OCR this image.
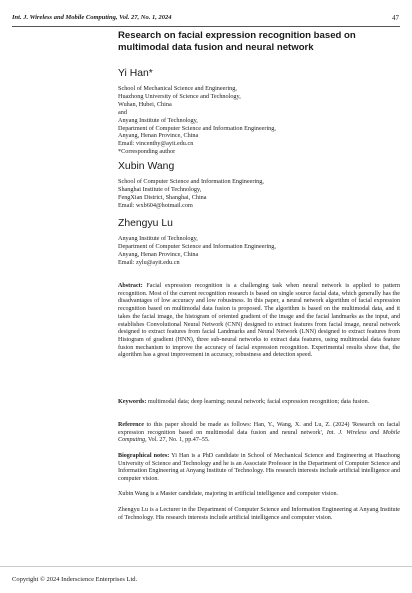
Int. J. Wireless and Mobile Computing, Vol. 27, No. 1, 2024	47
Research on facial expression recognition based on multimodal data fusion and neural network
Yi Han*
School of Mechanical Science and Engineering,
Huazhong University of Science and Technology,
Wuhan, Hubei, China
and
Anyang Institute of Technology,
Department of Computer Science and Information Engineering,
Anyang, Henan Province, China
Email: vincenthy@ayit.edu.cn
*Corresponding author
Xubin Wang
School of Computer Science and Information Engineering,
Shanghai Institute of Technology,
FengXian District, Shanghai, China
Email: wxb604@hotmail.com
Zhengyu Lu
Anyang Institute of Technology,
Department of Computer Science and Information Engineering,
Anyang, Henan Province, China
Email: zylu@ayit.edu.cn
Abstract: Facial expression recognition is a challenging task when neural network is applied to pattern recognition. Most of the current recognition research is based on single source facial data, which generally has the disadvantages of low accuracy and low robustness. In this paper, a neural network algorithm of facial expression recognition based on multimodal data fusion is proposed. The algorithm is based on the multimodal data, and it takes the facial image, the histogram of oriented gradient of the image and the facial landmarks as the input, and establishes Convolutional Neural Network (CNN) designed to extract features from facial image, neural network designed to extract features from facial Landmarks and Neural Network (LNN) designed to extract features from Histogram of gradient (HNN), three sub-neural networks to extract data features, using multimodal data feature fusion mechanism to improve the accuracy of facial expression recognition. Experimental results show that, the algorithm has a great improvement in accuracy, robustness and detection speed.
Keywords: multimodal data; deep learning; neural network; facial expression recognition; data fusion.
Reference to this paper should be made as follows: Han, Y., Wang, X. and Lu, Z. (2024) 'Research on facial expression recognition based on multimodal data fusion and neural network', Int. J. Wireless and Mobile Computing, Vol. 27, No. 1, pp.47–55.
Biographical notes: Yi Han is a PhD candidate in School of Mechanical Science and Engineering at Huazhong University of Science and Technology and he is an Associate Professor in the Department of Computer Science and Information Engineering at Anyang Institute of Technology. His research interests include artificial intelligence and computer vision.
Xubin Wang is a Master candidate, majoring in artificial intelligence and computer vision.
Zhengyu Lu is a Lecturer in the Department of Computer Science and Information Engineering at Anyang Institute of Technology. His research interests include artificial intelligence and computer vision.
Copyright © 2024 Inderscience Enterprises Ltd.
